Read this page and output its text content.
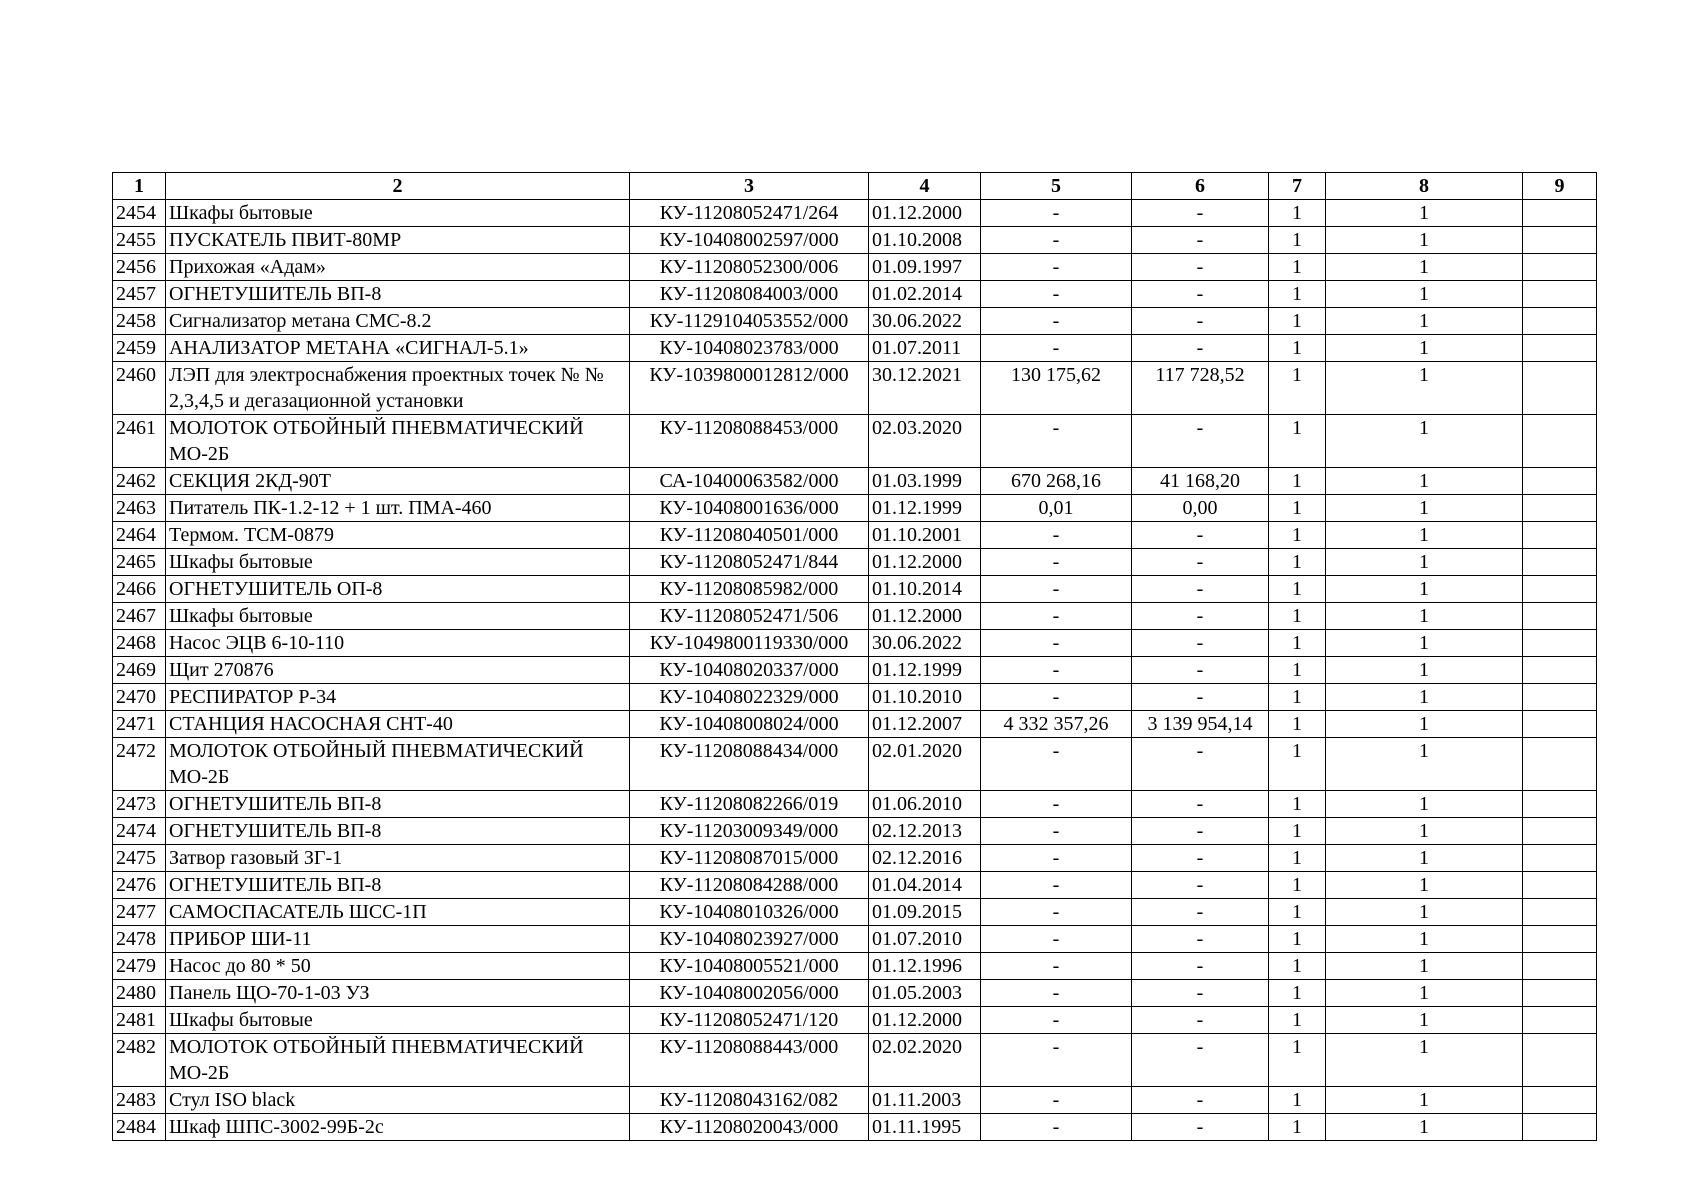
1	2	3	4	5	6	7	8	9
2454	Шкафы бытовые	КУ-11208052471/264	01.12.2000	-	-	1	1	
2455	ПУСКАТЕЛЬ ПВИТ-80МР	КУ-10408002597/000	01.10.2008	-	-	1	1	
2456	Прихожая «Адам»	КУ-11208052300/006	01.09.1997	-	-	1	1	
2457	ОГНЕТУШИТЕЛЬ ВП-8	КУ-11208084003/000	01.02.2014	-	-	1	1	
2458	Сигнализатор метана СМС-8.2	КУ-1129104053552/000	30.06.2022	-	-	1	1	
2459	АНАЛИЗАТОР МЕТАНА «СИГНАЛ-5.1»	КУ-10408023783/000	01.07.2011	-	-	1	1	
2460	ЛЭП для электроснабжения проектных точек № № 2,3,4,5 и дегазационной установки	КУ-1039800012812/000	30.12.2021	130 175,62	117 728,52	1	1	
2461	МОЛОТОК ОТБОЙНЫЙ ПНЕВМАТИЧЕСКИЙ МО-2Б	КУ-11208088453/000	02.03.2020	-	-	1	1	
2462	СЕКЦИЯ 2КД-90Т	СА-10400063582/000	01.03.1999	670 268,16	41 168,20	1	1	
2463	Питатель ПК-1.2-12 + 1 шт. ПМА-460	КУ-10408001636/000	01.12.1999	0,01	0,00	1	1	
2464	Термом. ТСМ-0879	КУ-11208040501/000	01.10.2001	-	-	1	1	
2465	Шкафы бытовые	КУ-11208052471/844	01.12.2000	-	-	1	1	
2466	ОГНЕТУШИТЕЛЬ ОП-8	КУ-11208085982/000	01.10.2014	-	-	1	1	
2467	Шкафы бытовые	КУ-11208052471/506	01.12.2000	-	-	1	1	
2468	Насос ЭЦВ 6-10-110	КУ-1049800119330/000	30.06.2022	-	-	1	1	
2469	Щит 270876	КУ-10408020337/000	01.12.1999	-	-	1	1	
2470	РЕСПИРАТОР Р-34	КУ-10408022329/000	01.10.2010	-	-	1	1	
2471	СТАНЦИЯ НАСОСНАЯ СНТ-40	КУ-10408008024/000	01.12.2007	4 332 357,26	3 139 954,14	1	1	
2472	МОЛОТОК ОТБОЙНЫЙ ПНЕВМАТИЧЕСКИЙ МО-2Б	КУ-11208088434/000	02.01.2020	-	-	1	1	
2473	ОГНЕТУШИТЕЛЬ ВП-8	КУ-11208082266/019	01.06.2010	-	-	1	1	
2474	ОГНЕТУШИТЕЛЬ ВП-8	КУ-11203009349/000	02.12.2013	-	-	1	1	
2475	Затвор газовый ЗГ-1	КУ-11208087015/000	02.12.2016	-	-	1	1	
2476	ОГНЕТУШИТЕЛЬ ВП-8	КУ-11208084288/000	01.04.2014	-	-	1	1	
2477	САМОСПАСАТЕЛЬ ШСС-1П	КУ-10408010326/000	01.09.2015	-	-	1	1	
2478	ПРИБОР ШИ-11	КУ-10408023927/000	01.07.2010	-	-	1	1	
2479	Насос до 80 * 50	КУ-10408005521/000	01.12.1996	-	-	1	1	
2480	Панель ЩО-70-1-03 УЗ	КУ-10408002056/000	01.05.2003	-	-	1	1	
2481	Шкафы бытовые	КУ-11208052471/120	01.12.2000	-	-	1	1	
2482	МОЛОТОК ОТБОЙНЫЙ ПНЕВМАТИЧЕСКИЙ МО-2Б	КУ-11208088443/000	02.02.2020	-	-	1	1	
2483	Стул ISO black	КУ-11208043162/082	01.11.2003	-	-	1	1	
2484	Шкаф ШПС-3002-99Б-2с	КУ-11208020043/000	01.11.1995	-	-	1	1	
